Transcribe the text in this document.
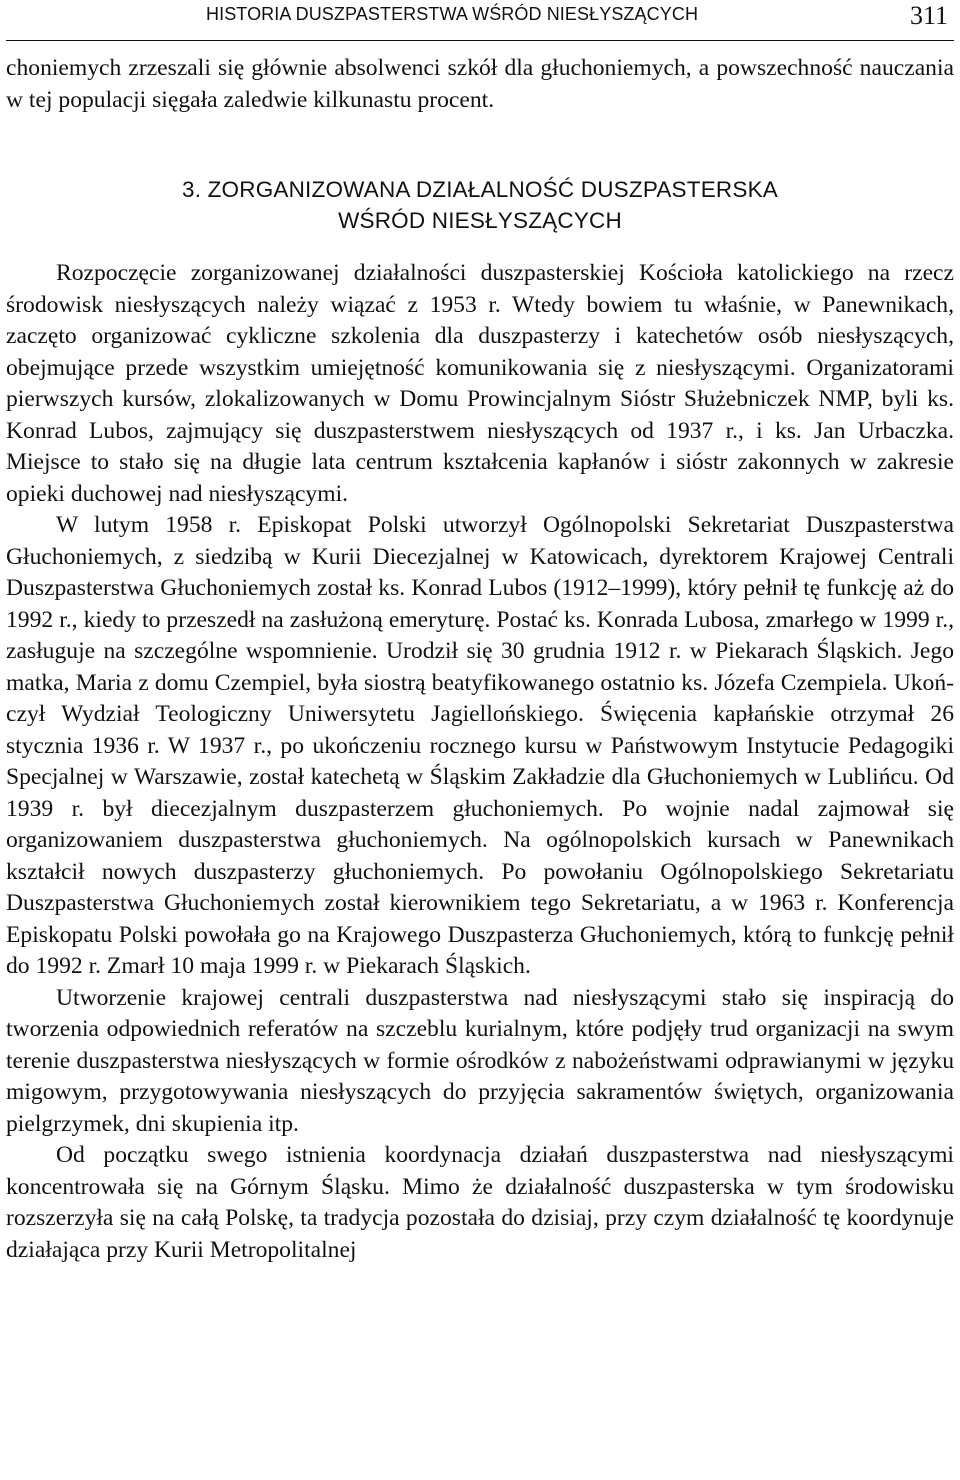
HISTORIA DUSZPASTERSTWA WŚRÓD NIESŁYSZĄCYCH	311

choniemych zrzeszali się głównie absolwenci szkół dla głuchoniemych, a powszechność nauczania w tej populacji sięgała zaledwie kilkunastu procent.

3. ZORGANIZOWANA DZIAŁALNOŚĆ DUSZPASTERSKA
WŚRÓD NIESŁYSZĄCYCH

Rozpoczęcie zorganizowanej działalności duszpasterskiej Kościoła katolickiego na rzecz środowisk niesłyszących należy wiązać z 1953 r. Wtedy bowiem tu właśnie, w Panewnikach, zaczęto organizować cykliczne szkolenia dla duszpasterzy i katechetów osób niesłyszących, obejmujące przede wszystkim umiejętność komunikowania się z niesłyszącymi. Organizatorami pierwszych kursów, zlokalizowanych w Domu Prowincjalnym Sióstr Służebniczek NMP, byli ks. Konrad Lubos, zajmujący się duszpasterstwem niesłyszących od 1937 r., i ks. Jan Urbaczka. Miejsce to stało się na długie lata centrum kształcenia kapłanów i sióstr zakonnych w zakresie opieki duchowej nad niesłyszącymi.

W lutym 1958 r. Episkopat Polski utworzył Ogólnopolski Sekretariat Duszpasterstwa Głuchoniemych, z siedzibą w Kurii Diecezjalnej w Katowicach, dyrektorem Krajowej Centrali Duszpasterstwa Głuchoniemych został ks. Konrad Lubos (1912–1999), który pełnił tę funkcję aż do 1992 r., kiedy to przeszedł na zasłużoną emeryturę. Postać ks. Konrada Lubosa, zmarłego w 1999 r., zasługuje na szczególne wspomnienie. Urodził się 30 grudnia 1912 r. w Piekarach Śląskich. Jego matka, Maria z domu Czempiel, była siostrą beatyfikowanego ostatnio ks. Józefa Czempiela. Ukończył Wydział Teologiczny Uniwersytetu Jagiellońskiego. Święcenia kapłańskie otrzymał 26 stycznia 1936 r. W 1937 r., po ukończeniu rocznego kursu w Państwowym Instytucie Pedagogiki Specjalnej w Warszawie, został katechetą w Śląskim Zakładzie dla Głuchoniemych w Lublińcu. Od 1939 r. był diecezjalnym duszpasterzem głuchoniemych. Po wojnie nadal zajmował się organizowaniem duszpasterstwa głuchoniemych. Na ogólnopolskich kursach w Panewnikach kształcił nowych duszpasterzy głuchoniemych. Po powołaniu Ogólnopolskiego Sekretariatu Duszpasterstwa Głuchoniemych został kierownikiem tego Sekretariatu, a w 1963 r. Konferencja Episkopatu Polski powołała go na Krajowego Duszpasterza Głuchoniemych, którą to funkcję pełnił do 1992 r. Zmarł 10 maja 1999 r. w Piekarach Śląskich.

Utworzenie krajowej centrali duszpasterstwa nad niesłyszącymi stało się inspiracją do tworzenia odpowiednich referatów na szczeblu kurialnym, które podjęły trud organizacji na swym terenie duszpasterstwa niesłyszących w formie ośrodków z nabożeństwami odprawianymi w języku migowym, przygotowywania niesłyszących do przyjęcia sakramentów świętych, organizowania pielgrzymek, dni skupienia itp.

Od początku swego istnienia koordynacja działań duszpasterstwa nad niesłyszącymi koncentrowała się na Górnym Śląsku. Mimo że działalność duszpasterska w tym środowisku rozszerzyła się na całą Polskę, ta tradycja pozostała do dzisiaj, przy czym działalność tę koordynuje działająca przy Kurii Metropolitalnej
